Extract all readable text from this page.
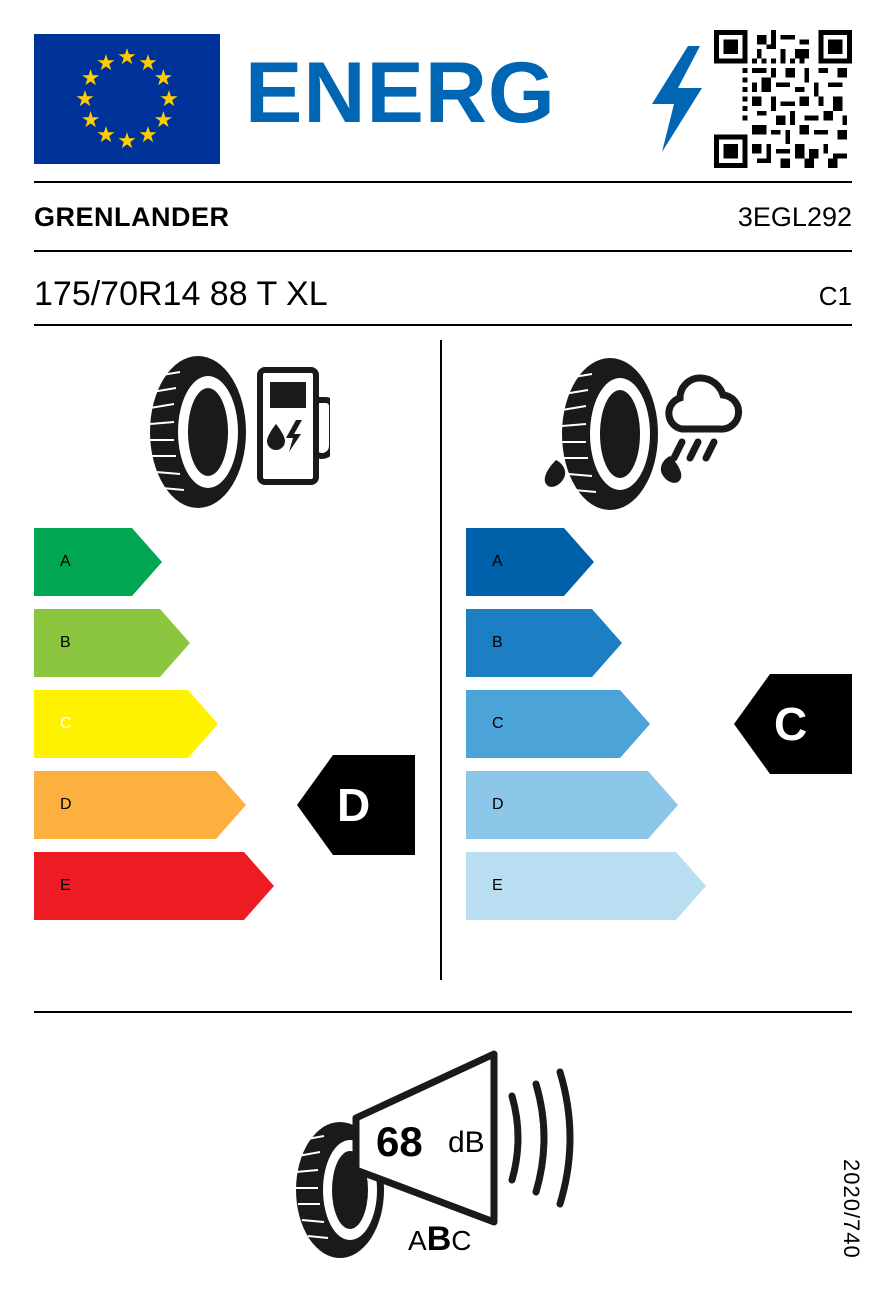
★ ★
★
★
★
★
★
★
★
★
★
★ ENERG
GRENLANDER	3EGL292
175/70R14 88 T XL	C1
A
B
C
D
E
D
A
B
C
D
E
C
68 dB
ABC	2020/740
